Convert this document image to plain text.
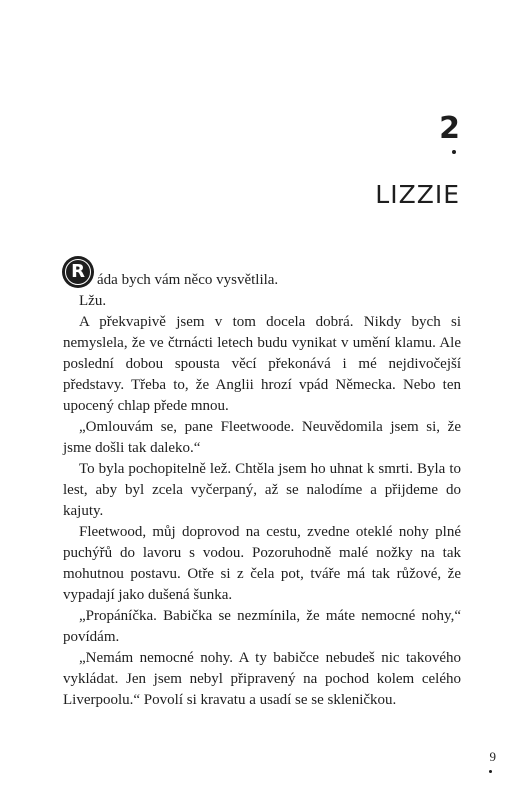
2
LIZZIE
R áda bych vám něco vysvětlila.

Lžu.

A překvapivě jsem v tom docela dobrá. Nikdy bych si nemyslela, že ve čtrnácti letech budu vynikat v umění klamu. Ale poslední dobou spousta věcí překonává i mé nejdivočejší představy. Třeba to, že Anglii hrozí vpád Německa. Nebo ten upocený chlap přede mnou.

„Omlouvám se, pane Fleetwoode. Neuvědomila jsem si, že jsme došli tak daleko.“

To byla pochopitelně lež. Chtěla jsem ho uhnat k smrti. Byla to lest, aby byl zcela vyčerpaný, až se nalodíme a přijdeme do kajuty.

Fleetwood, můj doprovod na cestu, zvedne oteklé nohy plné puchýřů do lavoru s vodou. Pozoruhodně malé nožky na tak mohutnou postavu. Otře si z čela pot, tváře má tak růžové, že vypadají jako dušená šunka.

„Propáníčka. Babička se nezmínila, že máte nemocné nohy,“ povídám.

„Nemám nemocné nohy. A ty babičce nebudeš nic takového vykládat. Jen jsem nebyl připravený na pochod kolem celého Liverpoolu.“ Povolí si kravatu a usadí se se skleničkou.

9
